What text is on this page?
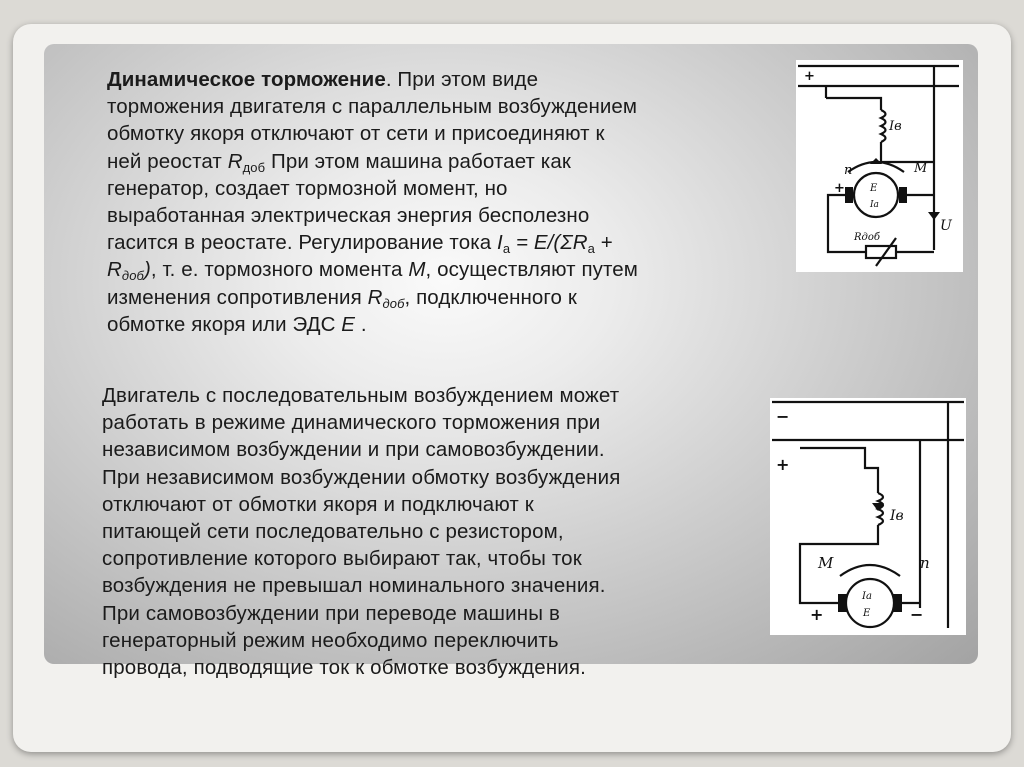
Динамическое торможение. При этом виде
торможения двигателя с параллельным возбуждением
обмотку якоря отключают от сети и присоединяют к
ней реостат $R_{доб}$ При этом машина работает как
генератор, создает тормозной момент, но
выработанная электрическая энергия бесполезно
гасится в реостате. Регулирование тока $I_a = E/(\Sigma R_a$ +
$R_{доб}$), т. е. тормозного момента М, осуществляют путем
изменения сопротивления $R_{доб}$, подключенного к
обмотке якоря или ЭДС Е .

Двигатель с последовательным возбуждением может
работать в режиме динамического торможения при
независимом возбуждении и при самовозбуждении.
При независимом возбуждении обмотку возбуждения
отключают от обмотки якоря и подключают к
питающей сети последовательно с резистором,
сопротивление которого выбирают так, чтобы ток
возбуждения не превышал номинального значения.
При самовозбуждении при переводе машины в
генераторный режим необходимо переключить
провода, подводящие ток к обмотке возбуждения.

+
Iв
n	М
E
Ia
+
U
Rдоб
−
+
Iв
М	n
Ia
E
+	−
